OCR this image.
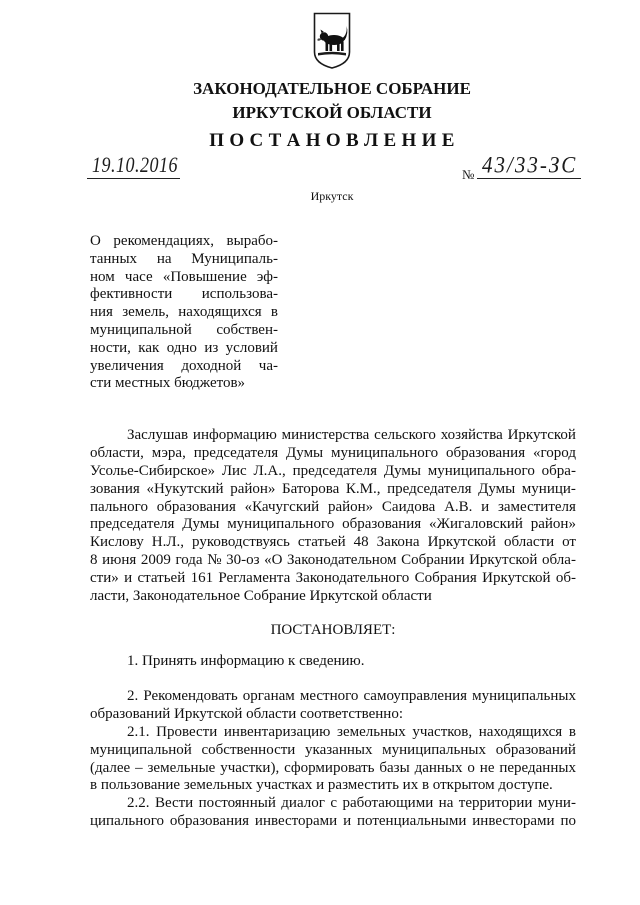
ЗАКОНОДАТЕЛЬНОЕ СОБРАНИЕ
ИРКУТСКОЙ ОБЛАСТИ
П О С Т А Н О В Л Е Н И Е
19.10.2016	№ 43/33-ЗС
Иркутск
О рекомендациях, вырабо-
танных на Муниципаль-
ном часе «Повышение эф-
фективности использова-
ния земель, находящихся в
муниципальной собствен-
ности, как одно из условий
увеличения доходной ча-
сти местных бюджетов»
Заслушав информацию министерства сельского хозяйства Иркутской
области, мэра, председателя Думы муниципального образования «город
Усолье-Сибирское» Лис Л.А., председателя Думы муниципального обра-
зования «Нукутский район» Баторова К.М., председателя Думы муници-
пального образования «Качугский район» Саидова А.В. и заместителя
председателя Думы муниципального образования «Жигаловский район»
Кислову Н.Л., руководствуясь статьей 48 Закона Иркутской области от
8 июня 2009 года № 30-оз «О Законодательном Собрании Иркутской обла-
сти» и статьей 161 Регламента Законодательного Собрания Иркутской об-
ласти, Законодательное Собрание Иркутской области
ПОСТАНОВЛЯЕТ:
1. Принять информацию к сведению.
2. Рекомендовать органам местного самоуправления муниципальных
образований Иркутской области соответственно:
2.1. Провести инвентаризацию земельных участков, находящихся в
муниципальной собственности указанных муниципальных образований
(далее – земельные участки), сформировать базы данных о не переданных
в пользование земельных участках и разместить их в открытом доступе.
2.2. Вести постоянный диалог с работающими на территории муни-
ципального образования инвесторами и потенциальными инвесторами по
